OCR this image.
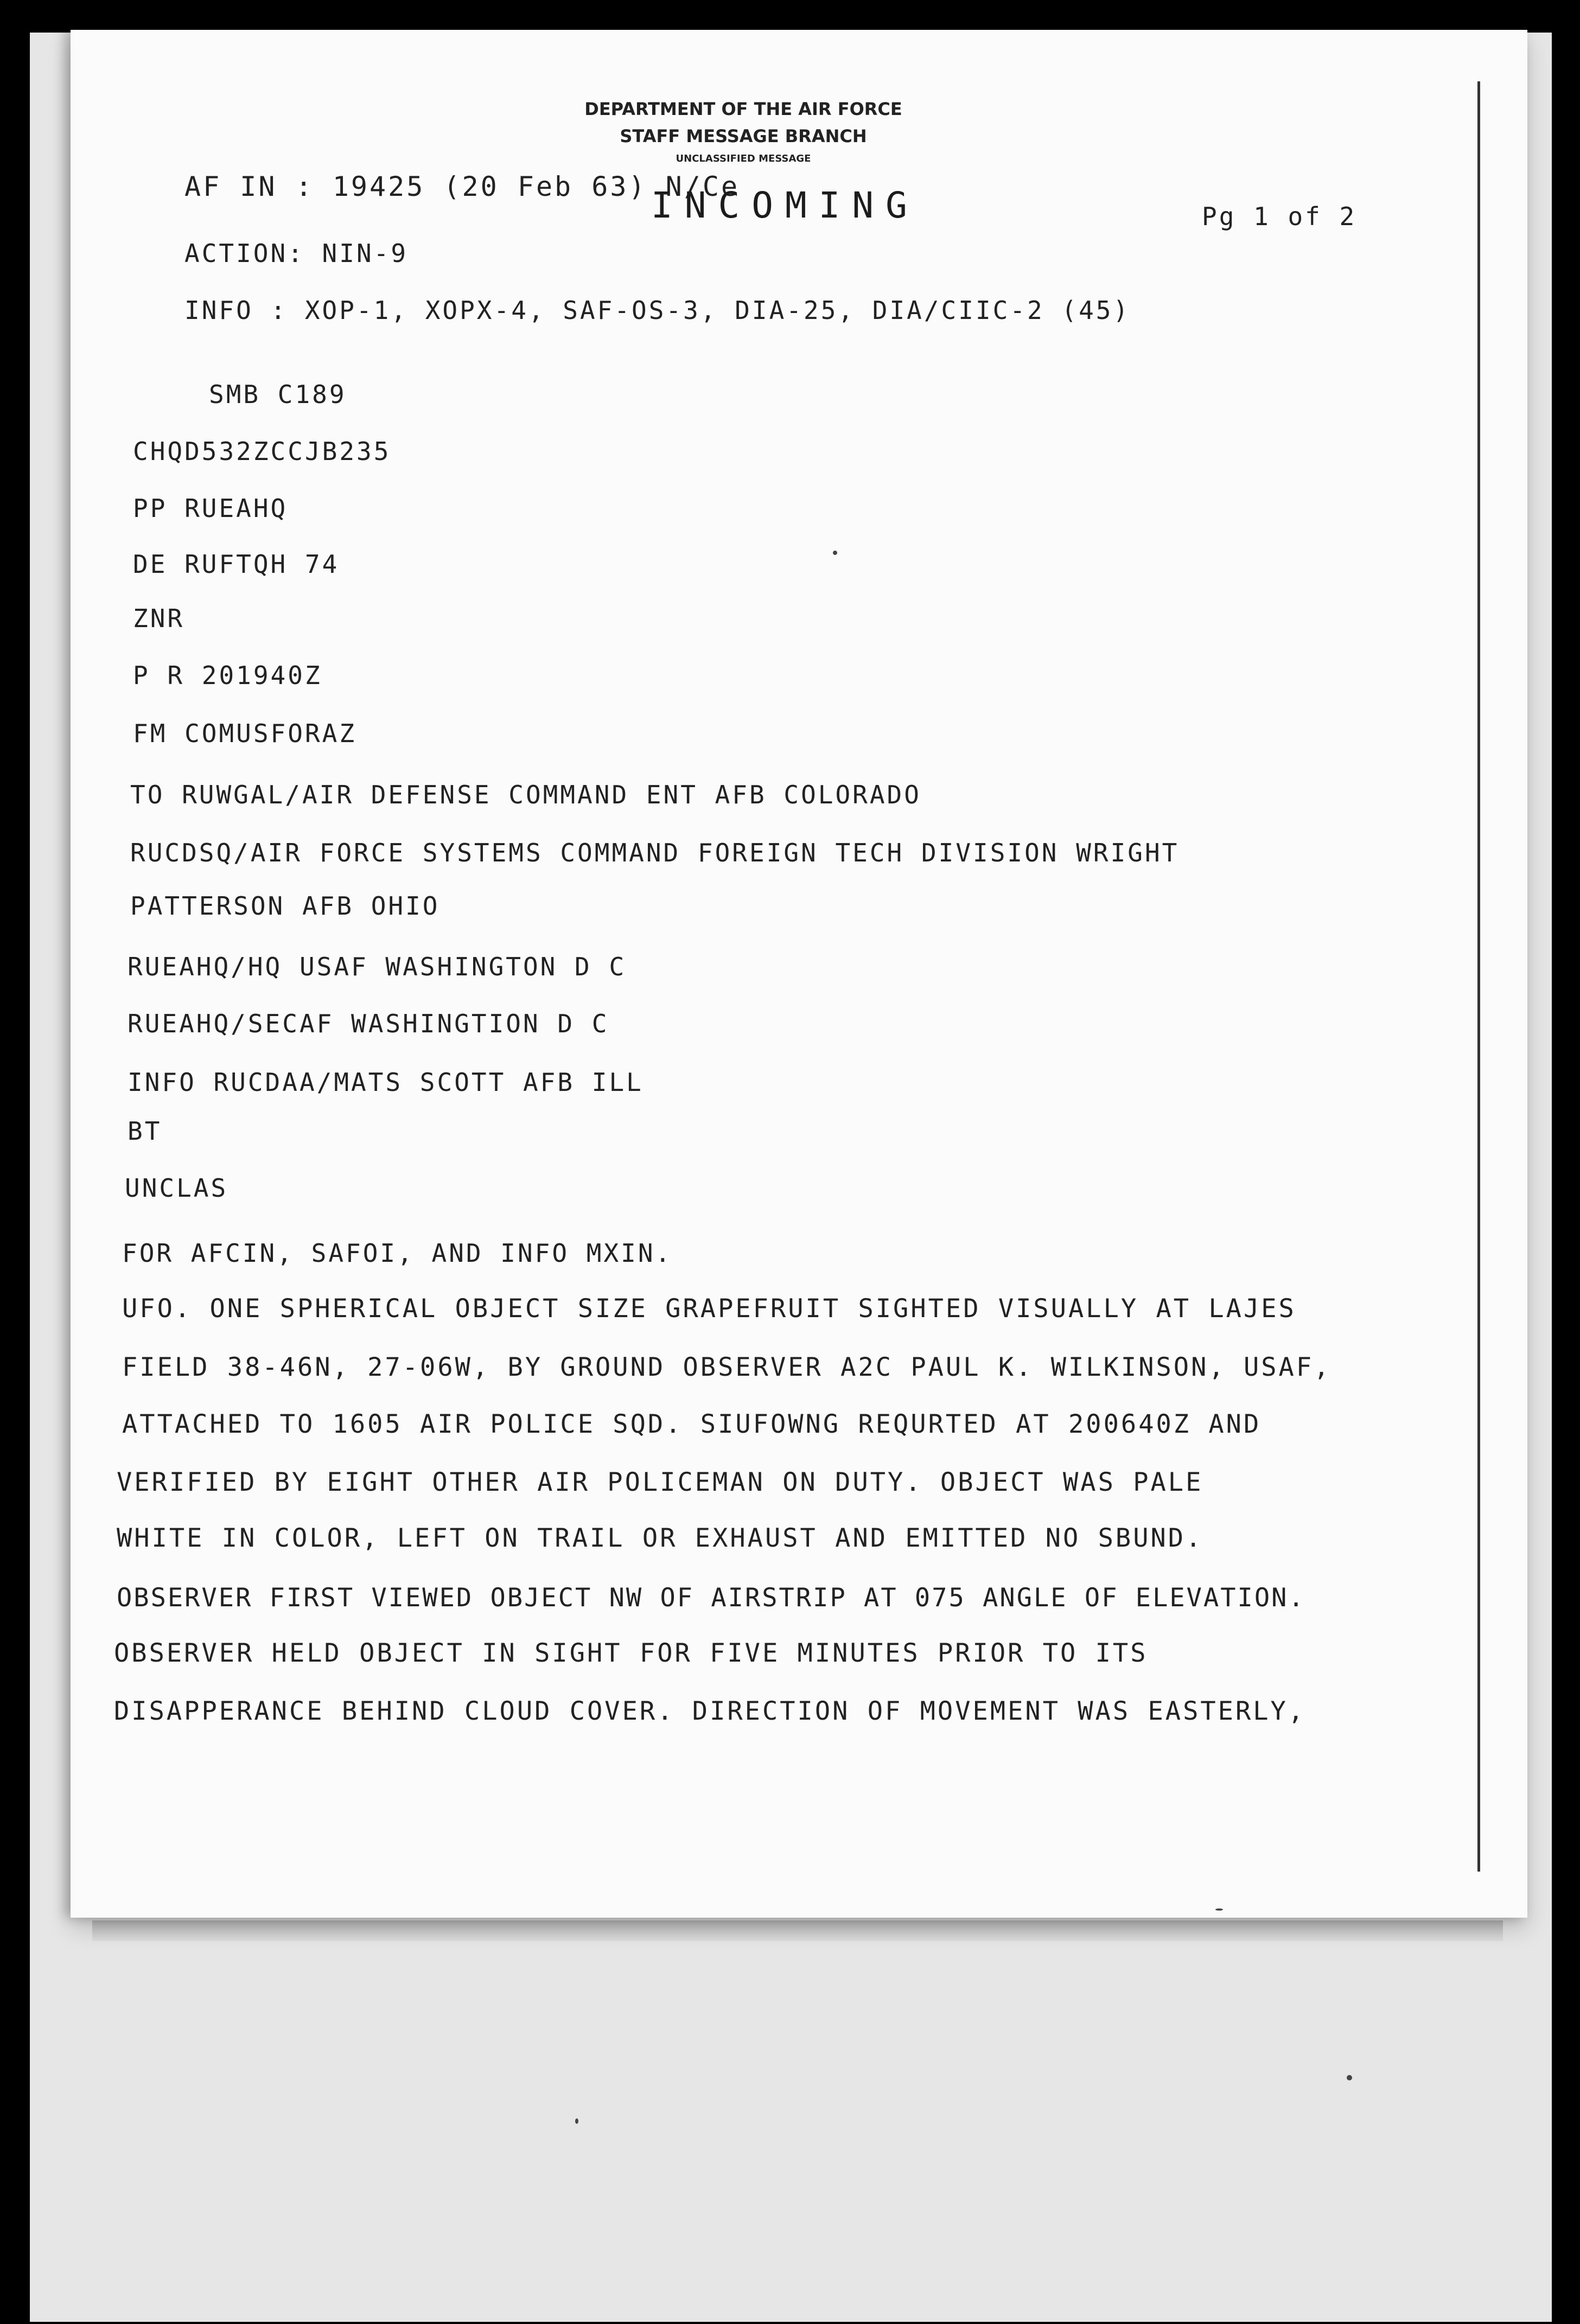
DEPARTMENT OF THE AIR FORCE
STAFF MESSAGE BRANCH
UNCLASSIFIED MESSAGE
AF IN : 19425 (20 Feb 63) N/Ce
INCOMING	Pg 1 of 2
ACTION: NIN-9
INFO : XOP-1, XOPX-4, SAF-OS-3, DIA-25, DIA/CIIC-2 (45)
SMB C189
CHQD532ZCCJB235
PP RUEAHQ
DE RUFTQH 74
ZNR
P R 201940Z
FM COMUSFORAZ
TO RUWGAL/AIR DEFENSE COMMAND ENT AFB COLORADO
RUCDSQ/AIR FORCE SYSTEMS COMMAND FOREIGN TECH DIVISION WRIGHT
PATTERSON AFB OHIO
RUEAHQ/HQ USAF WASHINGTON D C
RUEAHQ/SECAF WASHINGTION D C
INFO RUCDAA/MATS SCOTT AFB ILL
BT
UNCLAS
FOR AFCIN, SAFOI, AND INFO MXIN.
UFO. ONE SPHERICAL OBJECT SIZE GRAPEFRUIT SIGHTED VISUALLY AT LAJES
FIELD 38-46N, 27-06W, BY GROUND OBSERVER A2C PAUL K. WILKINSON, USAF,
ATTACHED TO 1605 AIR POLICE SQD. SIUFOWNG REQURTED AT 200640Z AND
VERIFIED BY EIGHT OTHER AIR POLICEMAN ON DUTY. OBJECT WAS PALE
WHITE IN COLOR, LEFT ON TRAIL OR EXHAUST AND EMITTED NO SBUND.
OBSERVER FIRST VIEWED OBJECT NW OF AIRSTRIP AT 075 ANGLE OF ELEVATION.
OBSERVER HELD OBJECT IN SIGHT FOR FIVE MINUTES PRIOR TO ITS
DISAPPERANCE BEHIND CLOUD COVER. DIRECTION OF MOVEMENT WAS EASTERLY,
